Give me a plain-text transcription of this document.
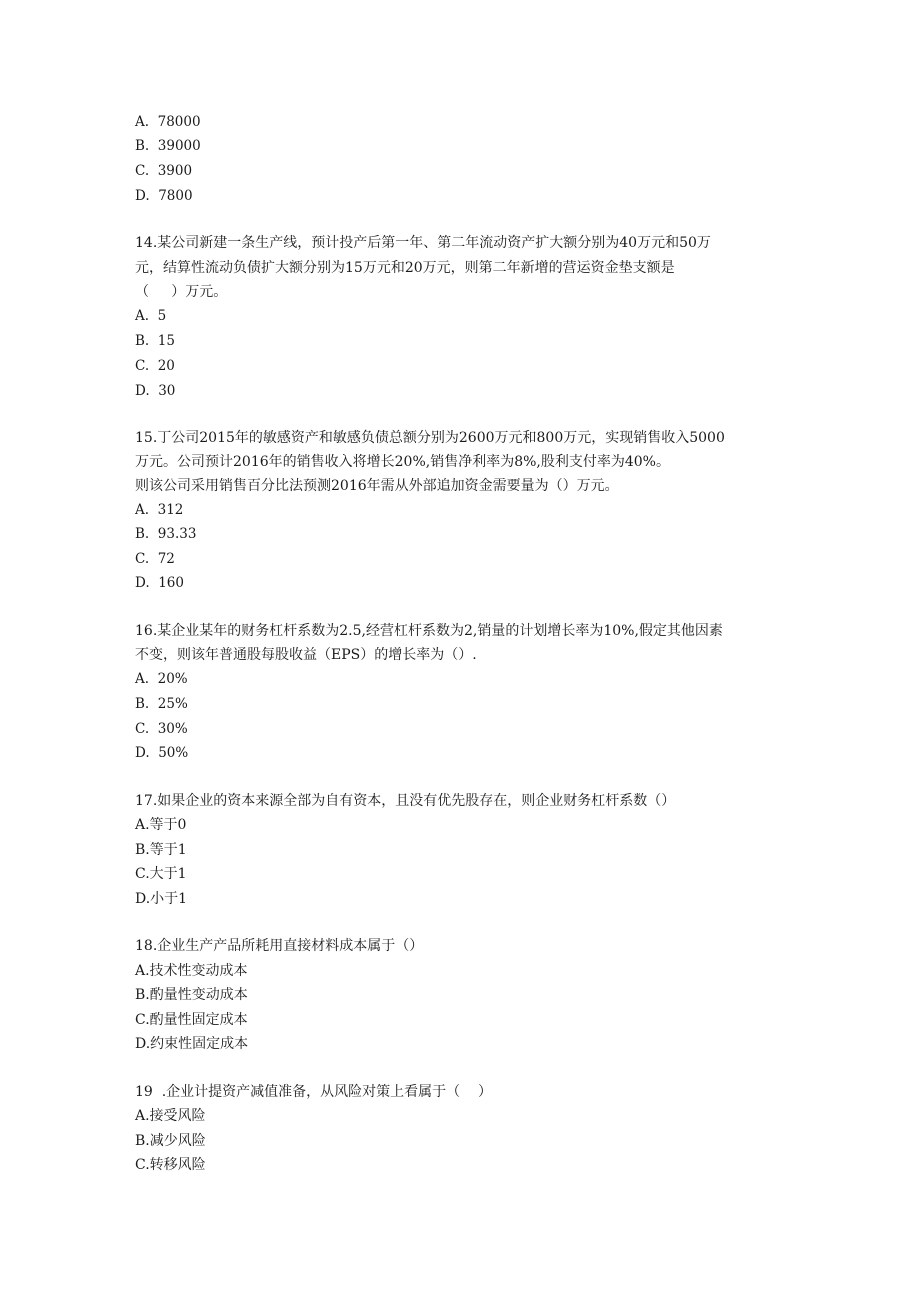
A.  78000
B.  39000
C.  3900
D.  7800
14.某公司新建一条生产线，预计投产后第一年、第二年流动资产扩大额分别为40万元和50万
元，结算性流动负债扩大额分别为15万元和20万元，则第二年新增的营运资金垫支额是
（     ）万元。
A.  5
B.  15
C.  20
D.  30
15.丁公司2015年的敏感资产和敏感负债总额分别为2600万元和800万元，实现销售收入5000
万元。公司预计2016年的销售收入将增长20%,销售净利率为8%,股利支付率为40%。
则该公司采用销售百分比法预测2016年需从外部追加资金需要量为（）万元。
A.  312
B.  93.33
C.  72
D.  160
16.某企业某年的财务杠杆系数为2.5,经营杠杆系数为2,销量的计划增长率为10%,假定其他因素
不变，则该年普通股每股收益（EPS）的增长率为（）.
A.  20%
B.  25%
C.  30%
D.  50%
17.如果企业的资本来源全部为自有资本，且没有优先股存在，则企业财务杠杆系数（）
A.等于0
B.等于1
C.大于1
D.小于1
18.企业生产产品所耗用直接材料成本属于（）
A.技术性变动成本
B.酌量性变动成本
C.酌量性固定成本
D.约束性固定成本
19  .企业计提资产减值准备，从风险对策上看属于（    ）
A.接受风险
B.减少风险
C.转移风险
